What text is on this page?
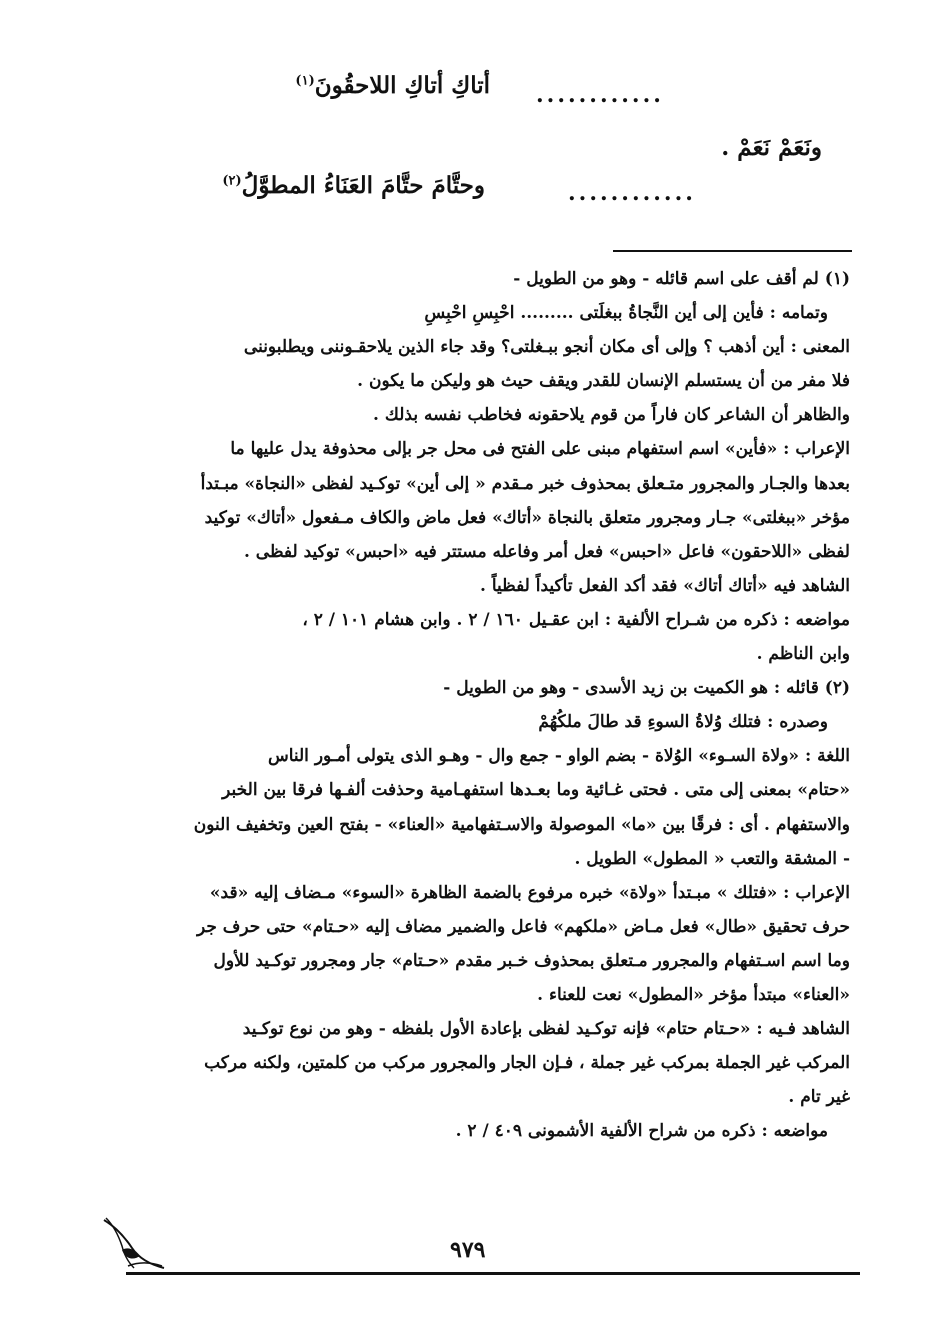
أتاكِ أتاكِ اللاحقُونَ$^{(١)}$
............
ونَعَمْ نَعَمْ .
............
وحتَّامَ حتَّامَ العَنَاءُ المطوَّلُ$^{(٢)}$
(١) لم أقف على اسم قائله - وهو من الطويل -
وتمامه : فأين إلى أين النَّجاةُ ببغلَتى ......... احْبِسِ احْبِسِ
المعنى : أين أذهب ؟ وإلى أى مكان أنجو ببـغلتى؟ وقد جاء الذين يلاحقـوننى ويطلبوننى
فلا مفر من أن يستسلم الإنسان للقدر ويقف حيث هو وليكن ما يكون .
والظاهر أن الشاعر كان فاراً من قوم يلاحقونه فخاطب نفسه بذلك .
الإعراب : «فأين» اسم استفهام مبنى على الفتح فى محل جر بإلى محذوفة يدل عليها ما
بعدها والجـار والمجرور متـعلق بمحذوف خبر مـقدم « إلى أين» توكـيد لفظى «النجاة» مبـتدأ
مؤخر «ببغلتى» جـار ومجرور متعلق بالنجاة «أتاك» فعل ماض والكاف مـفعول «أتاك» توكيد
لفظى «اللاحقون» فاعل «احبس» فعل أمر وفاعله مستتر فيه «احبس» توكيد لفظى .
الشاهد فيه «أتاك أتاك» فقد أكد الفعل تأكيداً لفظياً .
مواضعه : ذكره من شـراح الألفية : ابن عقـيل ١٦٠ / ٢ . وابن هشام ١٠١ / ٢ ،
وابن الناظم .
(٢) قائله : هو الكميت بن زيد الأسدى - وهو من الطويل -
وصدره : فتلك وُلاةُ السوءِ قد طالَ ملكُهُمْ
اللغة : «ولاة السـوء» الوُلاة - بضم الواو - جمع وال - وهـو الذى يتولى أمـور الناس
«حتام» بمعنى إلى متى . فحتى غـائية وما بعـدها استفهـامية وحذفت ألفـها فرقا بين الخبر
والاستفهام . أى : فرقًا بين «ما» الموصولة والاسـتفهامية «العناء» - بفتح العين وتخفيف النون
- المشقة والتعب « المطول» الطويل .
الإعراب : «فتلك » مبـتدأ «ولاة» خبره مرفوع بالضمة الظاهرة «السوء» مـضاف إليه «قد»
حرف تحقيق «طال» فعل مـاض «ملكهم» فاعل والضمير مضاف إليه «حـتام» حتى حرف جر
وما اسم اسـتفهام والمجرور مـتعلق بمحذوف خـبر مقدم «حـتام» جار ومجرور توكـيد للأول
«العناء» مبتدأ مؤخر «المطول» نعت للعناء .
الشاهد فـيه : «حـتام حتام» فإنه توكـيد لفظى بإعادة الأول بلفظه - وهو من نوع توكـيد
المركب غير الجملة بمركب غير جملة ، فـإن الجار والمجرور مركب من كلمتين، ولكنه مركب
غير تام .
مواضعه : ذكره من شراح الألفية الأشمونى ٤٠٩ / ٢ .
٩٧٩
